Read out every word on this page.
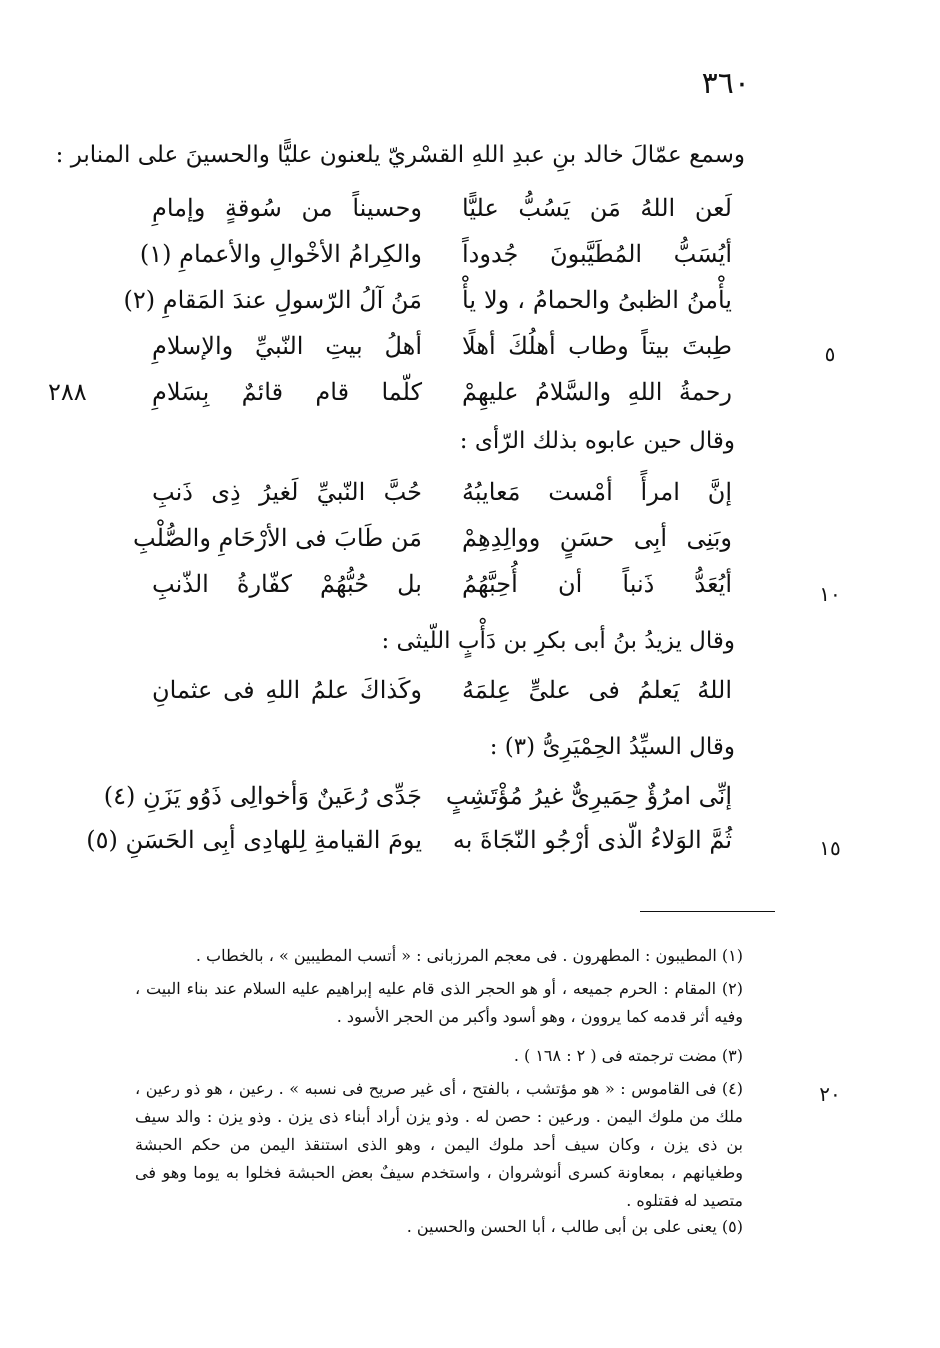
٣٦٠
٢٨٨
٥
١٠
١٥
٢٠
وسمع عمّالَ خالد بنِ عبدِ اللهِ القسْريّ يلعنون عليًّا والحسينَ على المنابر :
لَعن اللهُ مَن يَسُبُّ عليًّا
وحسيناً من سُوقةٍ وإمامِ
أيُسَبُّ المُطَيَّبونَ جُدوداً
والكِرامُ الأخْوالِ والأعمامِ (١)
يأْمنُ الظبىُ والحمامُ ، ولا يأْ
مَنُ آلُ الرّسولِ عندَ المَقامِ (٢)
طِبتَ بيتاً وطاب أهلُكَ أهلًا
أهلُ بيتِ النّبيِّ والإسلامِ
رحمةُ اللهِ والسَّلامُ عليهِمْ
كلّما قام قائمٌ بِسَلامِ
وقال حين عابوه بذلك الرّأى :
إنَّ امرأً أمْست مَعايبُهُ
حُبَّ النّبيِّ لَغيرُ ذِى ذَنبِ
وبَنِى أبِى حسَنٍ ووالِدِهِمْ
مَن طَابَ فى الأرْحَامِ والصُّلْبِ
أيُعَدُّ ذَنباً أن أُحِبَّهُمُ
بل حُبُّهُمْ كفّارةُ الذّنبِ
وقال يزيدُ بنُ أبى بكرِ بن دَأْبٍ اللّيثى :
اللهُ يَعلمُ فى علىٍّ عِلمَهُ
وكَذاكَ علمُ اللهِ فى عثمانِ
وقال السيِّدُ الحِمْيَرِىُّ (٣) :
إنِّى امرُؤٌ حِمَيرِىٌّ غيرُ مُؤْتَشِبٍ
جَدِّى رُعَينٌ وَأخوالِى ذَوُو يَزَنِ (٤)
ثُمَّ الوَلاءُ الّذى أرْجُو النّجَاةَ به
يومَ القيامةِ لِلهادِى أبِى الحَسَنِ (٥)
(١) المطيبون : المطهرون . فى معجم المرزبانى : « أتسب المطيبين » ، بالخطاب .
(٢) المقام : الحرم جميعه ، أو هو الحجر الذى قام عليه إبراهيم عليه السلام عند بناء البيت ، وفيه أثر قدمه كما يروون ، وهو أسود وأكبر من الحجر الأسود .
(٣) مضت ترجمته فى ( ٢ : ١٦٨ ) .
(٤) فى القاموس : « هو مؤتشب ، بالفتح ، أى غير صريح فى نسبه » . رعين ، هو ذو رعين ، ملك من ملوك اليمن . ورعين : حصن له . وذو يزن أراد أبناء ذى يزن . وذو يزن : والد سيف بن ذى يزن ، وكان سيف أحد ملوك اليمن ، وهو الذى استنقذ اليمن من حكم الحبشة وطغيانهم ، بمعاونة كسرى أنوشروان ، واستخدم سيفٌ بعض الحبشة فخلوا به يوما وهو فى متصيد له فقتلوه .
(٥) يعنى على بن أبى طالب ، أبا الحسن والحسين .
